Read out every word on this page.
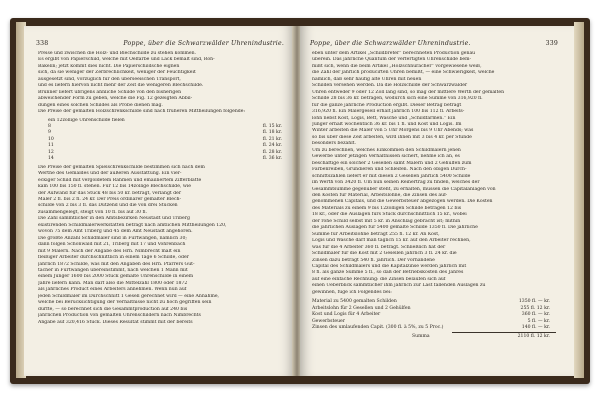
338	Poppe, über die Schwarzwälder Uhrenindustrie.
Preise und zwischen die Holz- und Blechschilde zu stehen kommen.
Es ergibt von Papierschild, welche mit Oelfarbe und Lack bemalt sind, Roh-
Bakelin; jetzt kommt dies nicht. Die Papierschildsche eignen
sich, da sie weniger der Zerbrechlichkeit, weniger der Feuchtigkeit
ausgesetzt sind, vorzüglich für den überseeischen Transport,
und es liefern hiervon nicht mehr der Zeit die wenigeren Blechschilde.
Brunner liefert übrigens ähnliche Schilde von den bisherigen
abweichender Form zu geben, welche die Fig. 12 gezeigten Abbil-
dungen eines solchen Schildes als Probe dienen mag.
Die Preise der gemalten Holzschrenkschilde sind nach früheren Mittheilungen folgende:
ein 12zöllige Uhrenschilde fielen
8	fl. 15 kr.
9	fl. 18 kr.
10	fl. 21 kr.
11	fl. 24 kr.
12	fl. 28 kr.
14	fl. 36 kr.
Die Preise der gemalten Spielschrenkschilde bestimmen sich nach dem
Werthe des Gemäldes und der äußeren Ausstattung. Ein vier-
eckiger Schild mit vergoldetem Rahmen und emailliertem Zifferblatte
kam 100 bis 150 fl. stehen. Für 12 bis 14zöllige Blechschilde, wie
der Aufwand für das Stück 48 bis 50 kr. beträgt, verlangt der
Maler 2 fl. bis 2 fl. 24 kr. Der Preis ordinärer gemalter Blech-
schilde von 2 bis 3 fl. das Dutzend und die von drei Stücken
zusammengelegt, steigt von 10 fl. bis auf 30 fl.
Die Zahl sämmtlicher in den Amtsbezirken Neustadt und Triberg
existirenden Schildmalerwerkstätten beträgt nach amtlichen Mittheilungen 120,
wovon 75 dem Amt Triberg und 45 dem Amt Neustadt angehören.
Die größte Anzahl Schildmaler sind in Furtwangen, nämlich 30;
dann folgen Schönwald mit 21, Triberg mit 17 und Vöhrenbach
mit 9 Malern. Nach der Angabe des Hrn. Nimbrecht malt ein
fleißiger Arbeiter durchschnittlich in einem Tage 6 Schilde, oder
jährlich 1872 Schilde, was mit den Angaben des Hrn. Pfarrers Güt-
tacher in Furtwangen übereinstimmt, nach welchen 1 Mann mit
einem Jünger 1600 bis 2000 Stück gemalte Uhrenschilde in einem
Jahre liefern kann. Man darf also die Mittelzahl 1800 oder 1872
als jährliches Product eines Arbeiters annehmen. Wenn nun auf
jeden Schildmaler im Durchschnitt 1 Gesell gerechnet wird — eine Annahme,
welche bei Berücksichtigung der Verhältnisse nicht zu hoch gegriffen sein
dürfte, — so berechnet sich die Gesammtproduction auf 240 bis
jährlichen Production von gemalten Uhrenschildern nach Nimbrechts
Angabe auf 320,416 Stück. Dieses Resultat stimmt mit der bereits
Poppe, über die Schwarzwälder Uhrenindustrie.	339
eben unter dem Artikel „Schildbreter“ berechneten Production genau
überein. Das jährliche Quantum der verfertigten Uhrenschilde bem-
mißt sich, wenn die beim Artikel „Holzschnuracher“ vorgewiesene weiß,
die Zahl der jährlich producirten Uhren bemißt, — eine Schwierigkeit, welche
nämlich, daß sehr häufig alte Uhren mit neuen
Schilden versehen werden. Da die Holzschilde der Schwarzwalder
Uhren entweder 9 oder 12 Zoll lang sind, so mag der mittlere Werth der gemalten
Schilde 28 bis 36 kr. betragen, wodurch sich eine Summe von 316,920 fl.
für die ganze jährliche Production ergibt. Dieser Betrag beträgt
316,920 fl. Ein Malergesell erhält jährlich 100 bis 112 fl. Arbeits-
lohn nebst Kost, Logis, Bett, Wäsche und „Schildfärmen.“ Ein
Jünger erhält wöchentlich 36 kr. bis 1 fl. und Kost und Logis. Im
Winter arbeiten die Maler von 5 Uhr Morgens bis 9 Uhr Abends; was
so bis über diese Zeit arbeiten, wird ihnen mit 3 bis 4 kr. per Stunde
besonders bezahlt.
Um zu berechnen, welches Einkommen den Schildmalern jenen
Gewerbe unter jetzigen Verhältnissen sichert, nehme ich an, es
beschäftige ein solcher 2 Gesellen samt Malern und 2 Gehülfen zum
Farbenreiben, Grundieren und Schleifen. Nach den obigen Durch-
schnittszahlen liefert er mit diesen 2 Gesellen jährlich 5400 Schilde
im Werth von 3420 fl. Um nun seinen Reinertrag zu finden, welches der
Gesammtsumme gegenüber steht, zu erhalten, müssen die Capitalanlagen von
den Kosten für Material, Arbeitslöhne, die Zinsen des auf-
genommenen Capitals, und die Gewerbsteuer abgezogen werden. Die Kosten
des Materials zu einem 9 bis 12zölligen Schilde betragen 12 bis
18 kr., oder die Auslagen fürs Stück durchschnittlich 15 kr., wobei
der rohe Schild selbst mit 5 kr. in Anschlag gebracht ist; mithin
die jährlichen Auslagen für 5400 gemalte Schilde 1350 fl. Die jährliche
Summe für Arbeitslöhne beträgt 255 fl. 12 kr. An Kost,
Logis und Wäsche darf man täglich 15 kr. auf den Arbeiter rechnen,
was für die 4 Arbeiter 360 fl. beträgt. Schließlich hat der
Schildmaler für die Kost mit 2 Gesellen jährlich 3 fl. 24 kr. die
Zinsen dazu beträgt 540 fl. jährlich. Der vorhandene
Capital des Schildmalers und die Kapitalzinse werden jährlich mit
8 fl. als ganze Summe 5 fl., so daß der Betriebskosten des Jahres
auf eine einfache Rechnung: die Zinsen belaufen sich auf
einen Ueberblick sämmtlicher ihm jährlich zur Last fallenden Auslagen zu
gewinnen, füge ich Folgendes bei:
Material zu 5400 gemalten Schilden	1350 fl. — kr.
Arbeitslohn für 2 Gesellen und 2 Gehülfen	255 fl. 12 kr.
Kost und Logis für 4 Arbeiter	360 fl. — kr.
Gewerbsteuer	5 fl. — kr.
Zinsen des umlaufenden Capit. (300 fl. à 5%, zu 5 Proc.)	140 fl. — kr.
Summa	2110 fl. 12 kr.
